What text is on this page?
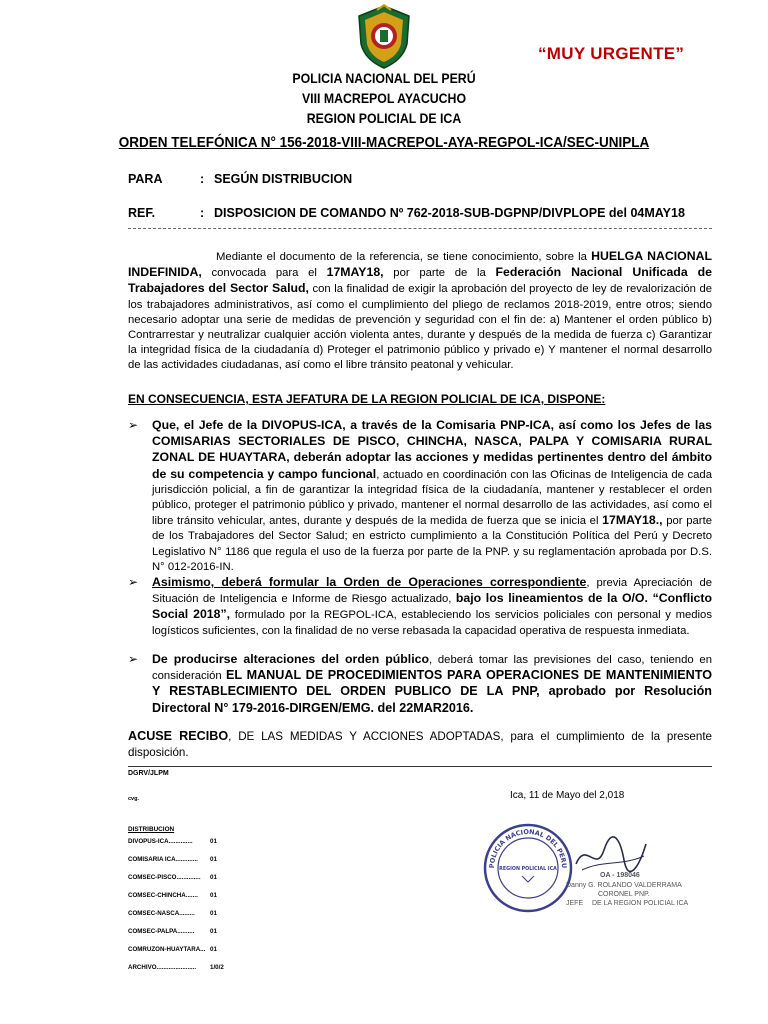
“MUY URGENTE”
POLICIA NACIONAL DEL PERÚ
VIII MACREPOL AYACUCHO
REGION POLICIAL DE ICA
ORDEN TELEFÓNICA N° 156-2018-VIII-MACREPOL-AYA-REGPOL-ICA/SEC-UNIPLA
PARA	: SEGÚN DISTRIBUCION
REF.	: DISPOSICION DE COMANDO Nº 762-2018-SUB-DGPNP/DIVPLOPE del 04MAY18
Mediante el documento de la referencia, se tiene conocimiento, sobre la HUELGA NACIONAL INDEFINIDA, convocada para el 17MAY18, por parte de la Federación Nacional Unificada de Trabajadores del Sector Salud, con la finalidad de exigir la aprobación del proyecto de ley de revalorización de los trabajadores administrativos, así como el cumplimiento del pliego de reclamos 2018-2019, entre otros; siendo necesario adoptar una serie de medidas de prevención y seguridad con el fin de: a) Mantener el orden público b) Contrarrestar y neutralizar cualquier acción violenta antes, durante y después de la medida de fuerza c) Garantizar la integridad física de la ciudadanía d) Proteger el patrimonio público y privado e) Y mantener el normal desarrollo de las actividades ciudadanas, así como el libre tránsito peatonal y vehicular.
EN CONSECUENCIA, ESTA JEFATURA DE LA REGION POLICIAL DE ICA, DISPONE:
➢ Que, el Jefe de la DIVOPUS-ICA, a través de la Comisaria PNP-ICA, así como los Jefes de las COMISARIAS SECTORIALES DE PISCO, CHINCHA, NASCA, PALPA Y COMISARIA RURAL ZONAL DE HUAYTARA, deberán adoptar las acciones y medidas pertinentes dentro del ámbito de su competencia y campo funcional, actuado en coordinación con las Oficinas de Inteligencia de cada jurisdicción policial, a fin de garantizar la integridad física de la ciudadanía, mantener y restablecer el orden público, proteger el patrimonio público y privado, mantener el normal desarrollo de las actividades, así como el libre tránsito vehicular, antes, durante y después de la medida de fuerza que se inicia el 17MAY18., por parte de los Trabajadores del Sector Salud; en estricto cumplimiento a la Constitución Política del Perú y Decreto Legislativo N° 1186 que regula el uso de la fuerza por parte de la PNP. y su reglamentación aprobada por D.S. N° 012-2016-IN.
➢ Asimismo, deberá formular la Orden de Operaciones correspondiente, previa Apreciación de Situación de Inteligencia e Informe de Riesgo actualizado, bajo los lineamientos de la O/O. “Conflicto Social 2018”, formulado por la REGPOL-ICA, estableciendo los servicios policiales con personal y medios logísticos suficientes, con la finalidad de no verse rebasada la capacidad operativa de respuesta inmediata.
➢ De producirse alteraciones del orden público, deberá tomar las previsiones del caso, teniendo en consideración EL MANUAL DE PROCEDIMIENTOS PARA OPERACIONES DE MANTENIMIENTO Y RESTABLECIMIENTO DEL ORDEN PUBLICO DE LA PNP, aprobado por Resolución Directoral N° 179-2016-DIRGEN/EMG. del 22MAR2016.
ACUSE RECIBO, DE LAS MEDIDAS Y ACCIONES ADOPTADAS, para el cumplimiento de la presente disposición.
DGRV/JLPM
cvg.	Ica, 11 de Mayo del 2,018
DISTRIBUCION
DIVOPUS-ICA..............	01
COMISARIA ICA............. 01
COMSEC-PISCO.............. 01
COMSEC-CHINCHA....... 01
COMSEC-NASCA......... 01
COMSEC-PALPA..........	01
COMRUZON-HUAYTARA... 01
ARCHIVO....................... 1/0/2
POLICIA NACIONAL DEL PERU
REGION POLICIAL ICA
OA - 198046
Danny G. ROLANDO VALDERRAMA
CORONEL PNP.
JEFE DE LA REGION POLICIAL ICA
